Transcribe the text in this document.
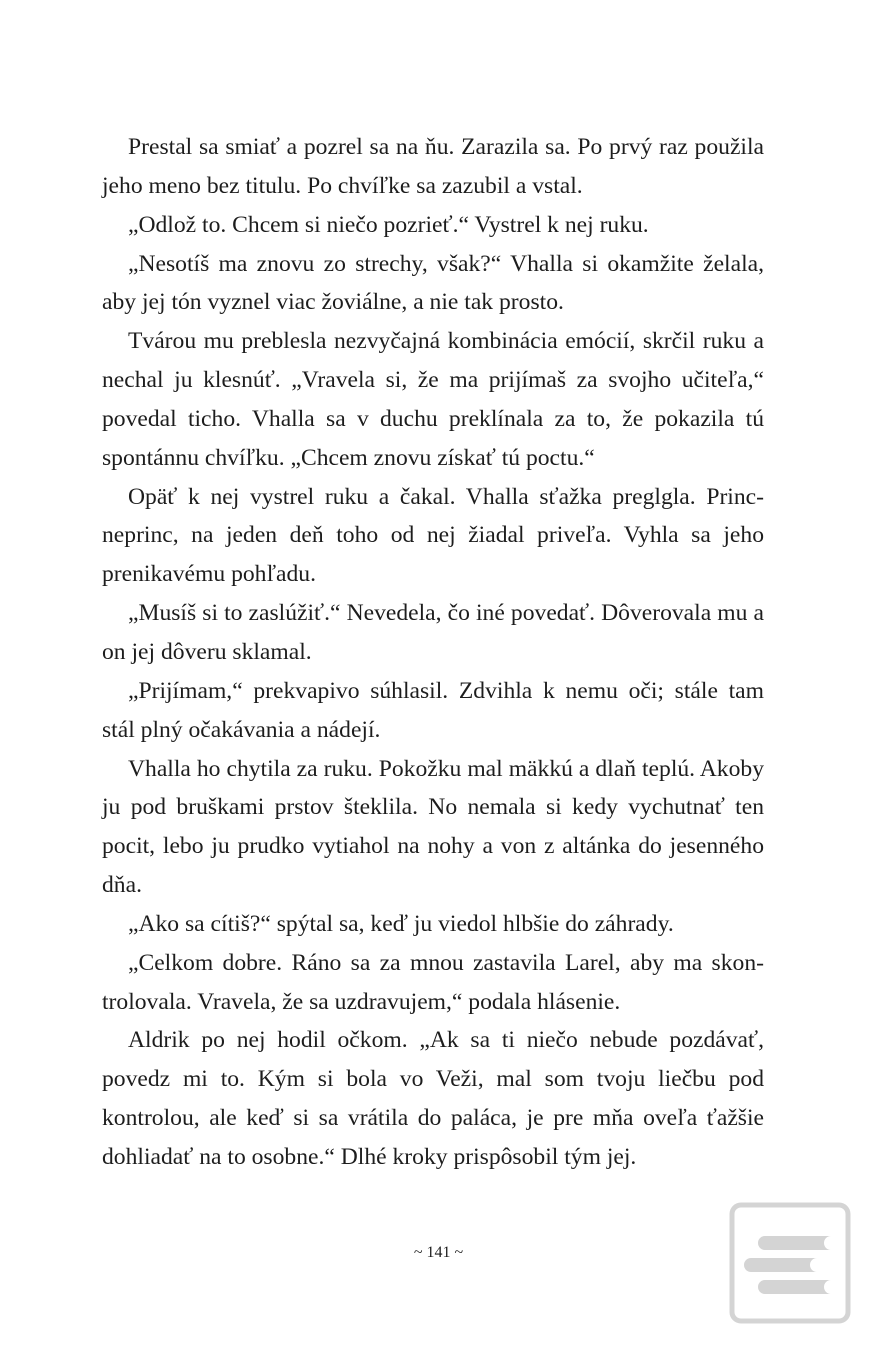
Prestal sa smiať a pozrel sa na ňu. Zarazila sa. Po prvý raz použila jeho meno bez titulu. Po chvíľke sa zazubil a vstal.

„Odlož to. Chcem si niečo pozrieť.“ Vystrel k nej ruku.

„Nesotíš ma znovu zo strechy, však?“ Vhalla si okamžite želala, aby jej tón vyznel viac žoviálne, a nie tak prosto.

Tvárou mu preblesla nezvyčajná kombinácia emócií, skrčil ruku a nechal ju klesnúť. „Vravela si, že ma prijímaš za svojho učiteľa,“ povedal ticho. Vhalla sa v duchu preklínala za to, že pokazila tú spontánnu chvíľku. „Chcem znovu získať tú poctu.“

Opäť k nej vystrel ruku a čakal. Vhalla sťažka preglgla. Princ-neprinc, na jeden deň toho od nej žiadal priveľa. Vyhla sa jeho prenikavému pohľadu.

„Musíš si to zaslúžiť.“ Nevedela, čo iné povedať. Dôverovala mu a on jej dôveru sklamal.

„Prijímam,“ prekvapivo súhlasil. Zdvihla k nemu oči; stále tam stál plný očakávania a nádejí.

Vhalla ho chytila za ruku. Pokožku mal mäkkú a dlaň teplú. Akoby ju pod bruškami prstov šteklila. No nemala si kedy vychutnať ten pocit, lebo ju prudko vytiahol na nohy a von z altánka do jesenného dňa.

„Ako sa cítiš?“ spýtal sa, keď ju viedol hlbšie do záhrady.

„Celkom dobre. Ráno sa za mnou zastavila Larel, aby ma skontrolovala. Vravela, že sa uzdravujem,“ podala hlásenie.

Aldrik po nej hodil očkom. „Ak sa ti niečo nebude pozdávať, povedz mi to. Kým si bola vo Veži, mal som tvoju liečbu pod kontrolou, ale keď si sa vrátila do paláca, je pre mňa oveľa ťažšie dohliadať na to osobne.“ Dlhé kroky prispôsobil tým jej.

~ 141 ~
